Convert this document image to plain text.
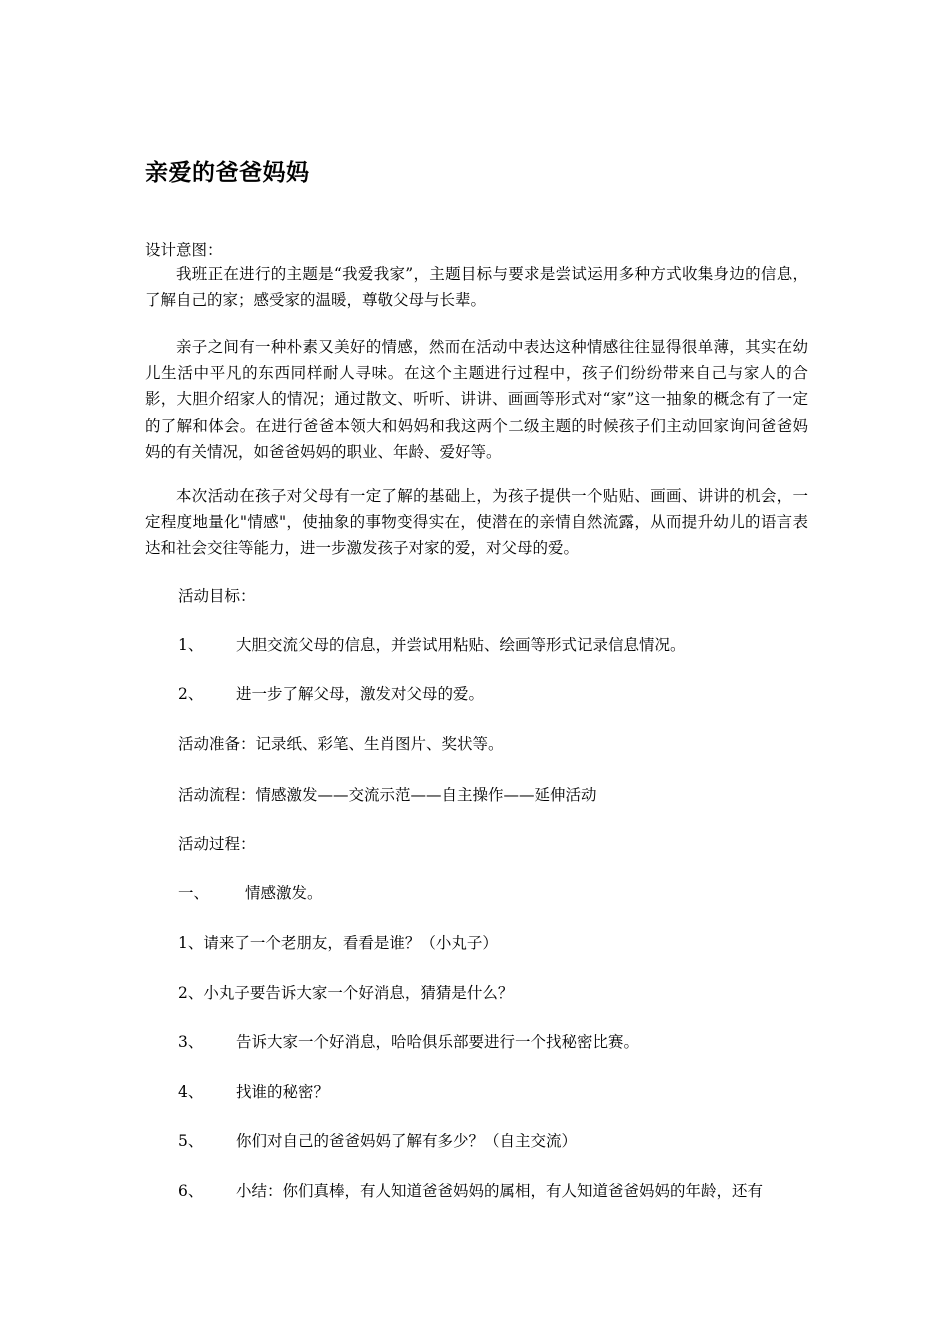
亲爱的爸爸妈妈
设计意图：
我班正在进行的主题是“我爱我家”，主题目标与要求是尝试运用多种方式收集身边的信息，了解自己的家；感受家的温暖，尊敬父母与长辈。
亲子之间有一种朴素又美好的情感，然而在活动中表达这种情感往往显得很单薄，其实在幼儿生活中平凡的东西同样耐人寻味。在这个主题进行过程中，孩子们纷纷带来自己与家人的合影，大胆介绍家人的情况；通过散文、听听、讲讲、画画等形式对“家”这一抽象的概念有了一定的了解和体会。在进行爸爸本领大和妈妈和我这两个二级主题的时候孩子们主动回家询问爸爸妈妈的有关情况，如爸爸妈妈的职业、年龄、爱好等。
本次活动在孩子对父母有一定了解的基础上，为孩子提供一个贴贴、画画、讲讲的机会，一定程度地量化"情感"，使抽象的事物变得实在，使潜在的亲情自然流露，从而提升幼儿的语言表达和社会交往等能力，进一步激发孩子对家的爱，对父母的爱。
活动目标：
1、 大胆交流父母的信息，并尝试用粘贴、绘画等形式记录信息情况。
2、 进一步了解父母，激发对父母的爱。
活动准备：记录纸、彩笔、生肖图片、奖状等。
活动流程：情感激发——交流示范——自主操作——延伸活动
活动过程：
一、 情感激发。
1、请来了一个老朋友，看看是谁？（小丸子）
2、小丸子要告诉大家一个好消息，猜猜是什么？
3、 告诉大家一个好消息，哈哈俱乐部要进行一个找秘密比赛。
4、 找谁的秘密？
5、 你们对自己的爸爸妈妈了解有多少？（自主交流）
6、 小结：你们真棒，有人知道爸爸妈妈的属相，有人知道爸爸妈妈的年龄，还有
